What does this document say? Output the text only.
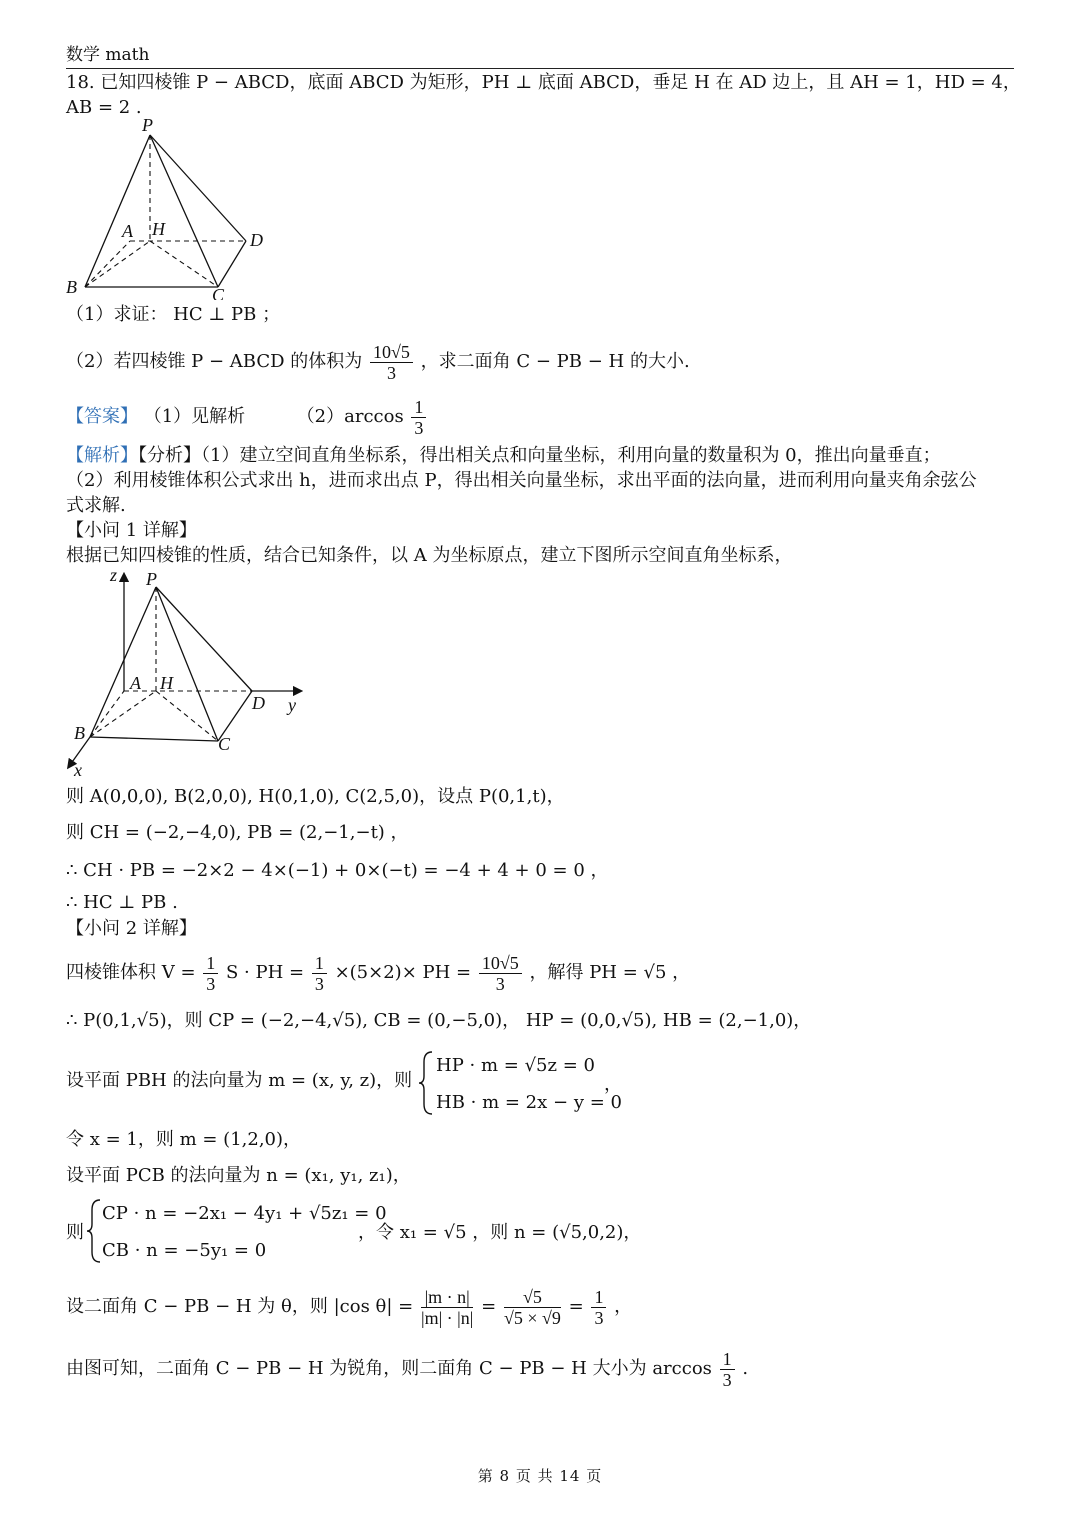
数学 math
18. 已知四棱锥 P − ABCD，底面 ABCD 为矩形，PH ⊥ 底面 ABCD，垂足 H 在 AD 边上，且 AH = 1，HD = 4，
AB = 2 .
P
A H
D
B	C
（1）求证： HC ⊥ PB ；
（2）若四棱锥 P − ABCD 的体积为 $\frac{10√5}{3}$ ，求二面角 C − PB − H 的大小.
【答案】 （1）见解析	$(2)\arccos \frac{1}{3}$
【解析】【分析】（1）建立空间直角坐标系，得出相关点和向量坐标，利用向量的数量积为 0，推出向量垂直；
（2）利用棱锥体积公式求出 h，进而求出点 P，得出相关向量坐标，求出平面的法向量，进而利用向量夹角余弦公
式求解.
【小问 1 详解】
根据已知四棱锥的性质，结合已知条件，以 A 为坐标原点，建立下图所示空间直角坐标系，
z P
A H
D y
B
C
x
则 A(0,0,0), B(2,0,0), H(0,1,0), C(2,5,0)，设点 P(0,1,t)，
则 CH = (−2,−4,0), PB = (2,−1,−t) ，
∴ CH · PB = −2×2 − 4×(−1) + 0×(−t) = −4 + 4 + 0 = 0 ，
∴ HC ⊥ PB .
【小问 2 详解】
四棱锥体积 $V = \frac{1}{3}$ S · PH = $\frac{1}{3} \times(5\times 2)\times$ PH = $\frac{10√5}{3}$ ，解得 PH = √5 ，
∴ P(0,1,√5)，则 CP = (−2,−4,√5), CB = (0,−5,0)， HP = (0,0,√5), HB = (2,−1,0)，
设平面 PBH 的法向量为 m = (x, y, z)，则
HP · m = √5z = 0
HB · m = 2x − y = 0
，
令 x = 1，则 m = (1,2,0)，
设平面 PCB 的法向量为 n = (x₁, y₁, z₁)，
则
CP · n = −2x₁ − 4y₁ + √5z₁ = 0
CB · n = −5y₁ = 0
，令 x₁ = √5 ，则 n = (√5,0,2)，
设二面角 C − PB − H 为 θ，则 |cos $\theta| = \frac{|m \cdot n|}{|m| \cdot |n|} = \frac{√5}{√5 \times √9} = \frac{1}{3}$ ，
由图可知，二面角 C − PB − H 为锐角，则二面角 C − PB − H 大小为 $\arccos \frac{1}{3}$ .
第 8 页 共 14 页
